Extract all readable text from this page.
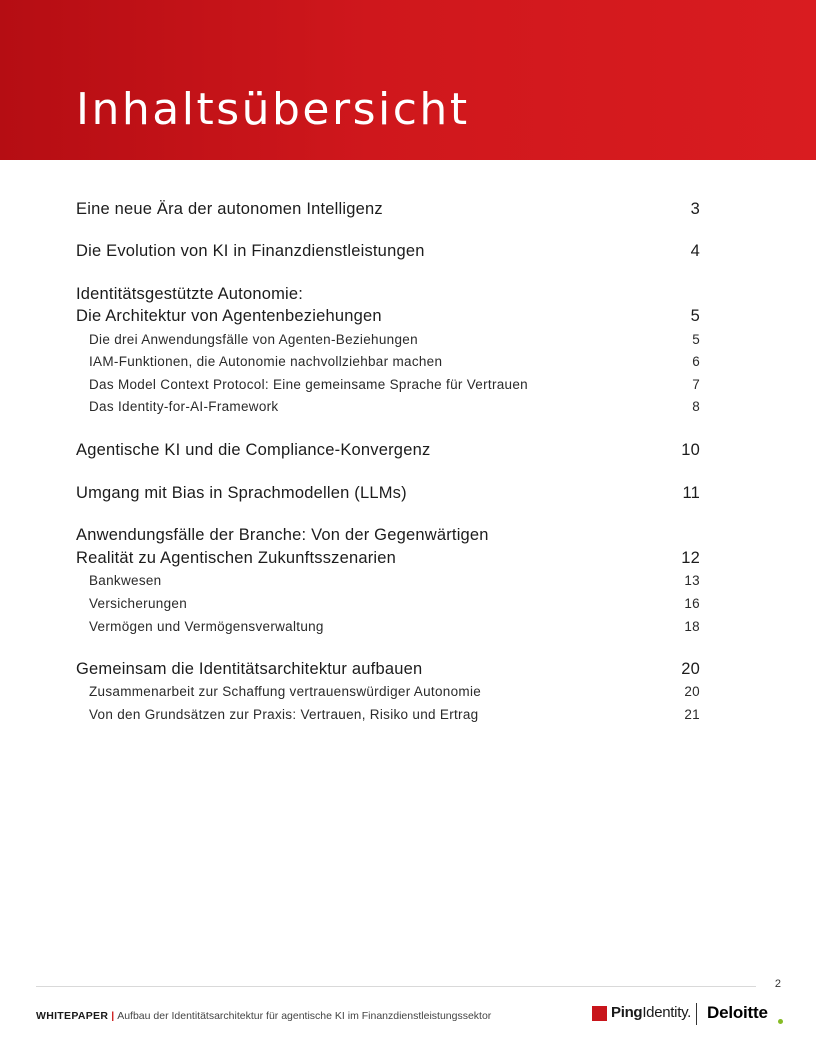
Inhaltsübersicht
Eine neue Ära der autonomen Intelligenz	3
Die Evolution von KI in Finanzdienstleistungen	4
Identitätsgestützte Autonomie:
Die Architektur von Agentenbeziehungen	5
Die drei Anwendungsfälle von Agenten-Beziehungen	5
IAM-Funktionen, die Autonomie nachvollziehbar machen	6
Das Model Context Protocol: Eine gemeinsame Sprache für Vertrauen	7
Das Identity-for-AI-Framework	8
Agentische KI und die Compliance-Konvergenz	10
Umgang mit Bias in Sprachmodellen (LLMs)	11
Anwendungsfälle der Branche: Von der Gegenwärtigen
Realität zu Agentischen Zukunftsszenarien	12
Bankwesen	13
Versicherungen	16
Vermögen und Vermögensverwaltung	18
Gemeinsam die Identitätsarchitektur aufbauen	20
Zusammenarbeit zur Schaffung vertrauenswürdiger Autonomie	20
Von den Grundsätzen zur Praxis: Vertrauen, Risiko und Ertrag	21
2
WHITEPAPER | Aufbau der Identitätsarchitektur für agentische KI im Finanzdienstleistungssektor	PingIdentity. Deloitte
